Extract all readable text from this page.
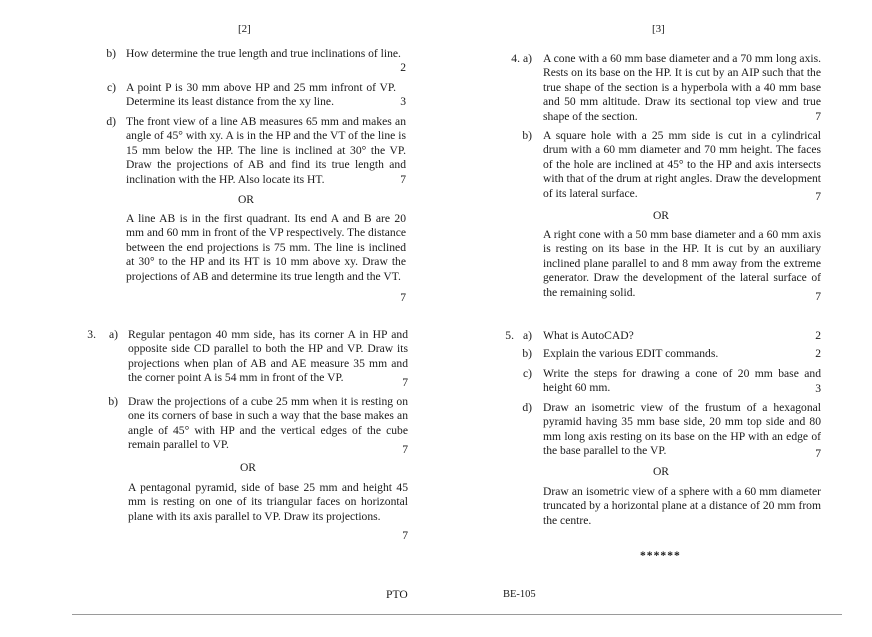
[2]	[3]
b) How determine the true length and true inclinations of line.
2
c) A point P is 30 mm above HP and 25 mm infront of VP. Determine its least distance from the xy line.	3
d) The front view of a line AB measures 65 mm and makes an angle of 45° with xy. A is in the HP and the VT of the line is 15 mm below the HP. The line is inclined at 30° the VP. Draw the projections of AB and find its true length and inclination with the HP. Also locate its HT.	7
OR
A line AB is in the first quadrant. Its end A and B are 20 mm and 60 mm in front of the VP respectively. The distance between the end projections is 75 mm. The line is inclined at 30° to the HP and its HT is 10 mm above xy. Draw the projections of AB and determine its true length and the VT.
7
3.	a) Regular pentagon 40 mm side, has its corner A in HP and opposite side CD parallel to both the HP and VP. Draw its projections when plan of AB and AE measure 35 mm and the corner point A is 54 mm in front of the VP.	7
b) Draw the projections of a cube 25 mm when it is resting on one its corners of base in such a way that the base makes an angle of 45° with HP and the vertical edges of the cube remain parallel to VP.	7
OR
A pentagonal pyramid, side of base 25 mm and height 45 mm is resting on one of its triangular faces on horizontal plane with its axis parallel to VP. Draw its projections.
7
PTO
4. a) A cone with a 60 mm base diameter and a 70 mm long axis. Rests on its base on the HP. It is cut by an AIP such that the true shape of the section is a hyperbola with a 40 mm base and 50 mm altitude. Draw its sectional top view and true shape of the section.	7
b) A square hole with a 25 mm side is cut in a cylindrical drum with a 60 mm diameter and 70 mm height. The faces of the hole are inclined at 45° to the HP and axis intersects with that of the drum at right angles. Draw the development of its lateral surface.	7
OR
A right cone with a 50 mm base diameter and a 60 mm axis is resting on its base in the HP. It is cut by an auxiliary inclined plane parallel to and 8 mm away from the extreme generator. Draw the development of the lateral surface of the remaining solid.	7
5. a) What is AutoCAD?	2
b) Explain the various EDIT commands.	2
c) Write the steps for drawing a cone of 20 mm base and height 60 mm.	3
d) Draw an isometric view of the frustum of a hexagonal pyramid having 35 mm base side, 20 mm top side and 80 mm long axis resting on its base on the HP with an edge of the base parallel to the VP.	7
OR
Draw an isometric view of a sphere with a 60 mm diameter truncated by a horizontal plane at a distance of 20 mm from the centre.
******
BE-105
